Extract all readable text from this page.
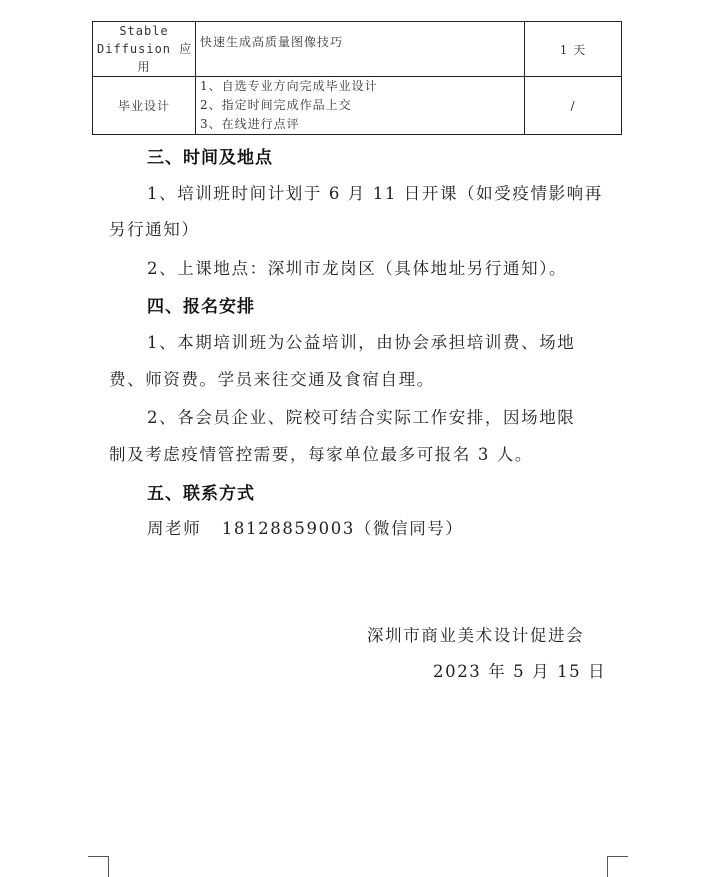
Stable
Diffusion 应
用	快速生成高质量图像技巧	1 天

毕业设计	1、自选专业方向完成毕业设计
2、指定时间完成作品上交
3、在线进行点评	/
三、时间及地点
1、培训班时间计划于 6 月 11 日开课（如受疫情影响再
另行通知）
2、上课地点：深圳市龙岗区（具体地址另行通知）。
四、报名安排
1、本期培训班为公益培训，由协会承担培训费、场地
费、师资费。学员来往交通及食宿自理。
2、各会员企业、院校可结合实际工作安排，因场地限
制及考虑疫情管控需要，每家单位最多可报名 3 人。
五、联系方式
周老师   18128859003（微信同号）
深圳市商业美术设计促进会
2023 年 5 月 15 日
